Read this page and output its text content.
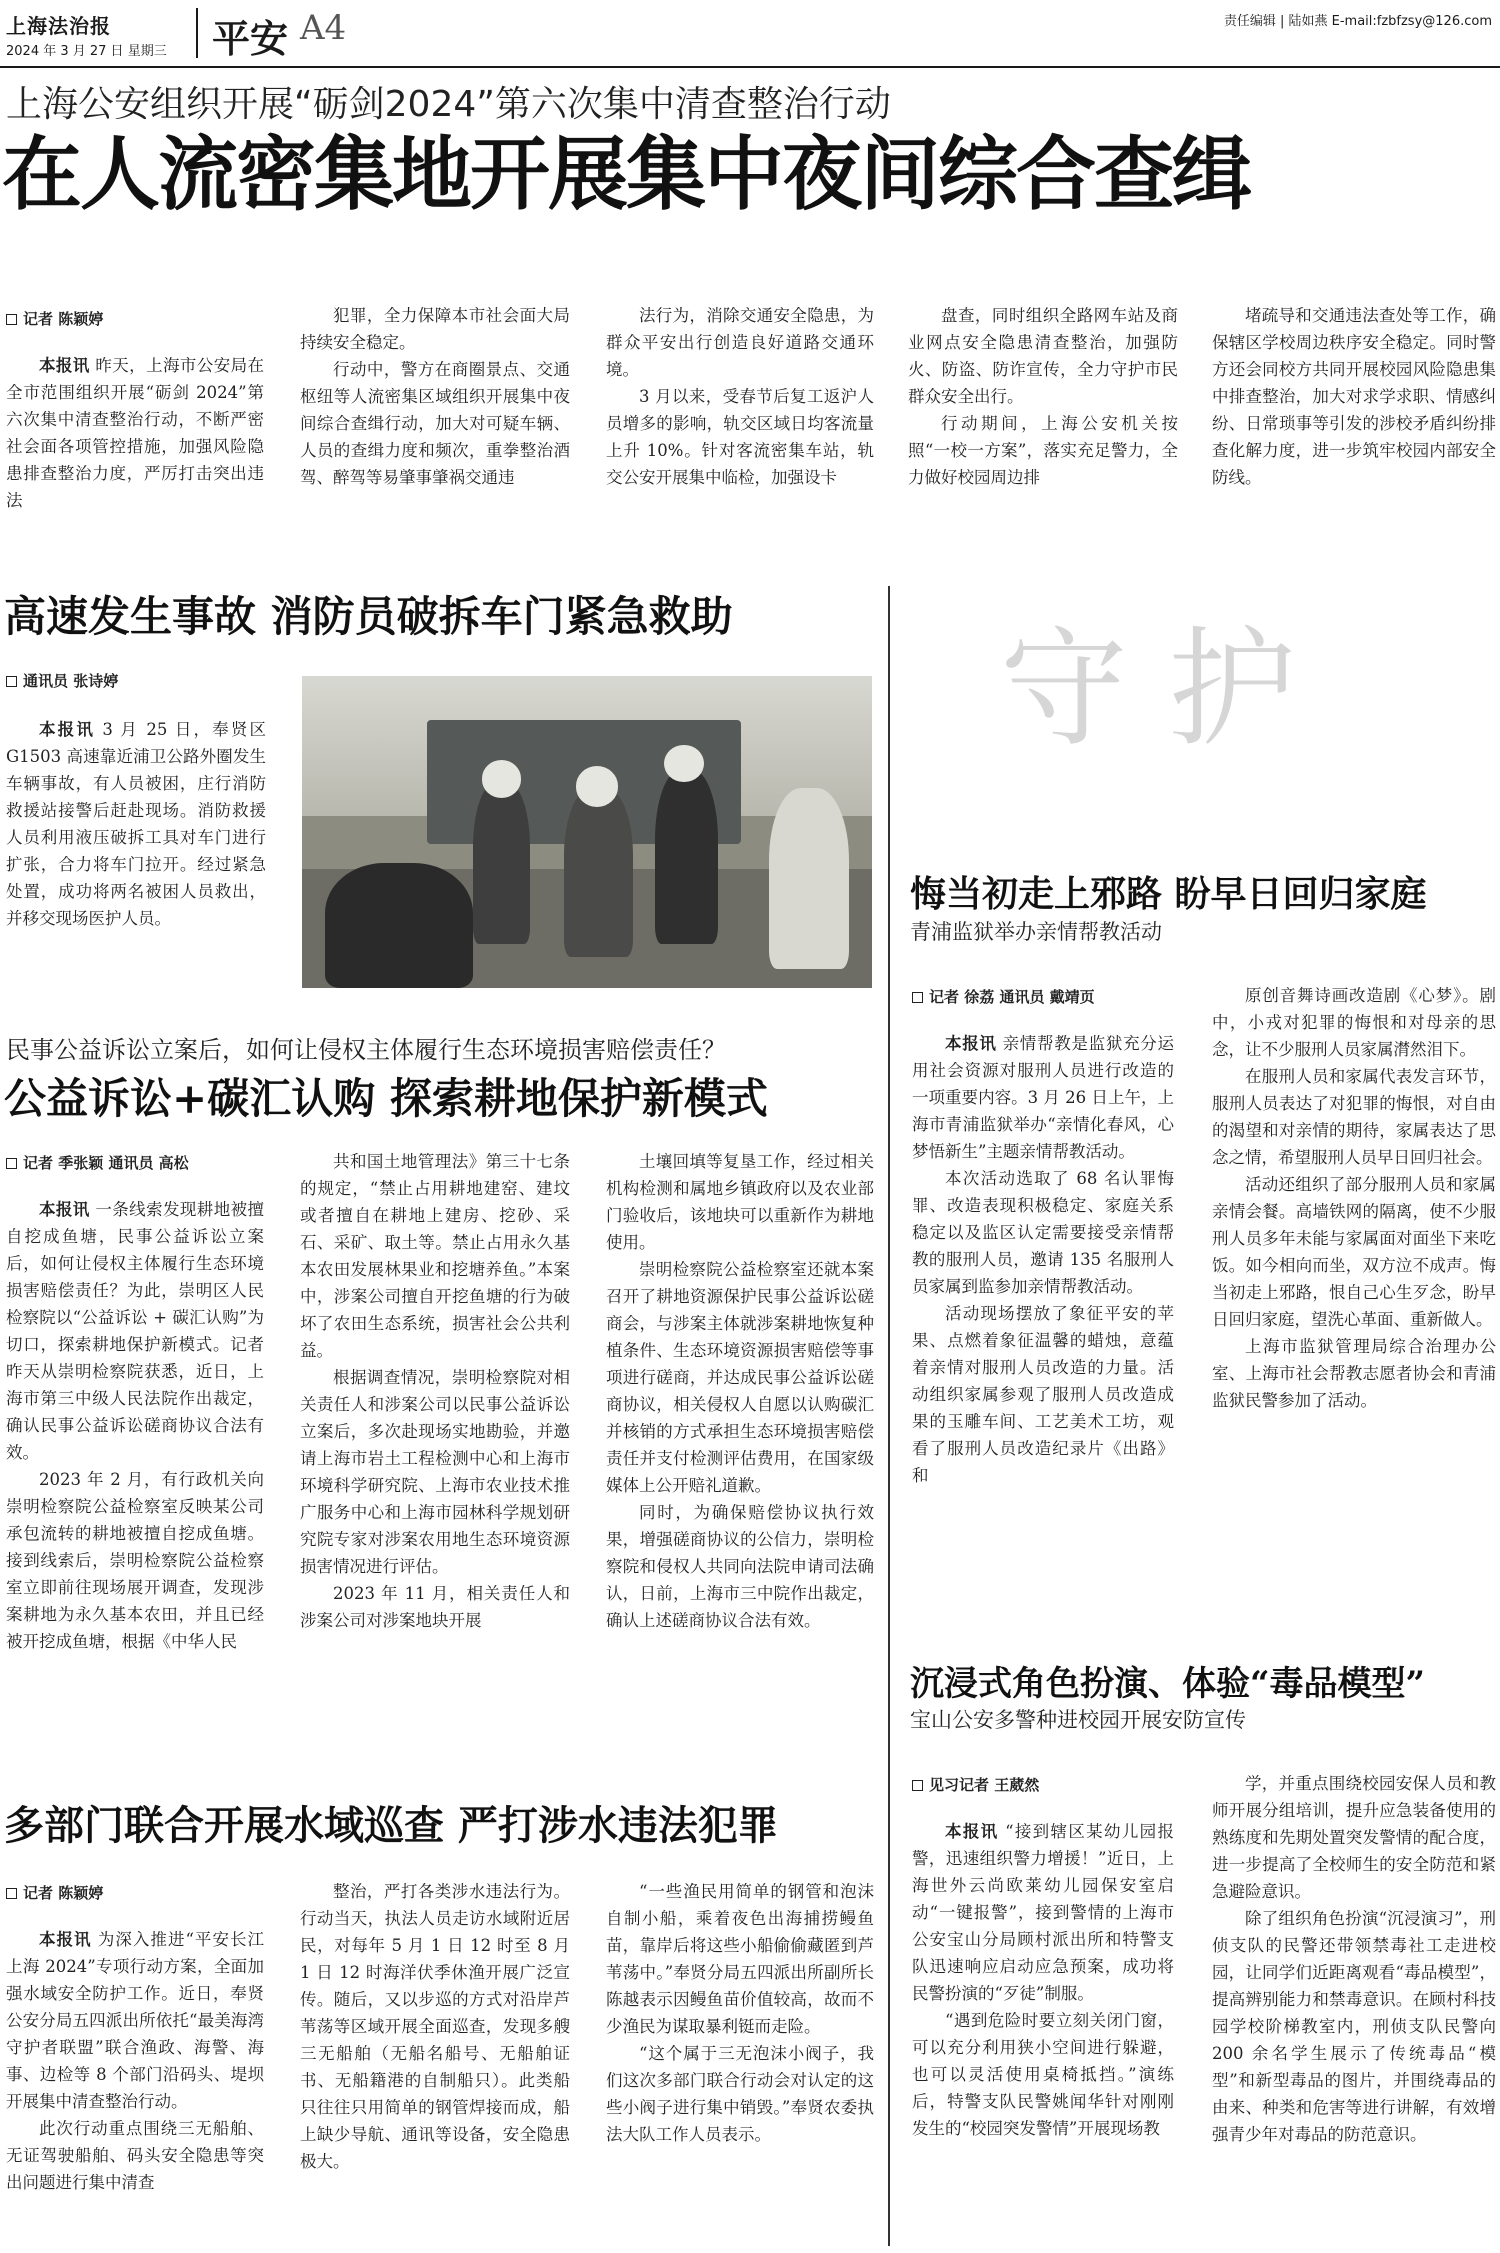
上海法治报
2024 年 3 月 27 日 星期三 平安 A4	责任编辑 | 陆如燕 E-mail:fzbfzsy@126.com
上海公安组织开展“砺剑2024”第六次集中清查整治行动
在人流密集地开展集中夜间综合查缉
记者 陈颖婷

本报讯 昨天，上海市公安局在全市范围组织开展“砺剑 2024”第六次集中清查整治行动，不断严密社会面各项管控措施，加强风险隐患排查整治力度，严厉打击突出违法

犯罪，全力保障本市社会面大局持续安全稳定。

行动中，警方在商圈景点、交通枢纽等人流密集区域组织开展集中夜间综合查缉行动，加大对可疑车辆、人员的查缉力度和频次，重拳整治酒驾、醉驾等易肇事肇祸交通违

法行为，消除交通安全隐患，为群众平安出行创造良好道路交通环境。

3 月以来，受春节后复工返沪人员增多的影响，轨交区域日均客流量上升 10%。针对客流密集车站，轨交公安开展集中临检，加强设卡

盘查，同时组织全路网车站及商业网点安全隐患清查整治，加强防火、防盗、防诈宣传，全力守护市民群众安全出行。

行动期间，上海公安机关按照“一校一方案”，落实充足警力，全力做好校园周边排

堵疏导和交通违法查处等工作，确保辖区学校周边秩序安全稳定。同时警方还会同校方共同开展校园风险隐患集中排查整治，加大对求学求职、情感纠纷、日常琐事等引发的涉校矛盾纠纷排查化解力度，进一步筑牢校园内部安全防线。

高速发生事故 消防员破拆车门紧急救助
通讯员 张诗婷

本报讯 3 月 25 日，奉贤区 G1503 高速靠近浦卫公路外圈发生车辆事故，有人员被困，庄行消防救援站接警后赶赴现场。消防救援人员利用液压破拆工具对车门进行扩张，合力将车门拉开。经过紧急处置，成功将两名被困人员救出，并移交现场医护人员。

民事公益诉讼立案后，如何让侵权主体履行生态环境损害赔偿责任？
公益诉讼+碳汇认购 探索耕地保护新模式
记者 季张颖 通讯员 高松

本报讯 一条线索发现耕地被擅自挖成鱼塘，民事公益诉讼立案后，如何让侵权主体履行生态环境损害赔偿责任？为此，崇明区人民检察院以“公益诉讼 + 碳汇认购”为切口，探索耕地保护新模式。记者昨天从崇明检察院获悉，近日，上海市第三中级人民法院作出裁定，确认民事公益诉讼磋商协议合法有效。

2023 年 2 月，有行政机关向崇明检察院公益检察室反映某公司承包流转的耕地被擅自挖成鱼塘。接到线索后，崇明检察院公益检察室立即前往现场展开调查，发现涉案耕地为永久基本农田，并且已经被开挖成鱼塘，根据《中华人民

共和国土地管理法》第三十七条的规定，“禁止占用耕地建窑、建坟或者擅自在耕地上建房、挖砂、采石、采矿、取土等。禁止占用永久基本农田发展林果业和挖塘养鱼。”本案中，涉案公司擅自开挖鱼塘的行为破坏了农田生态系统，损害社会公共利益。

根据调查情况，崇明检察院对相关责任人和涉案公司以民事公益诉讼立案后，多次赴现场实地勘验，并邀请上海市岩土工程检测中心和上海市环境科学研究院、上海市农业技术推广服务中心和上海市园林科学规划研究院专家对涉案农用地生态环境资源损害情况进行评估。

2023 年 11 月，相关责任人和涉案公司对涉案地块开展

土壤回填等复垦工作，经过相关机构检测和属地乡镇政府以及农业部门验收后，该地块可以重新作为耕地使用。

崇明检察院公益检察室还就本案召开了耕地资源保护民事公益诉讼磋商会，与涉案主体就涉案耕地恢复种植条件、生态环境资源损害赔偿等事项进行磋商，并达成民事公益诉讼磋商协议，相关侵权人自愿以认购碳汇并核销的方式承担生态环境损害赔偿责任并支付检测评估费用，在国家级媒体上公开赔礼道歉。

同时，为确保赔偿协议执行效果，增强磋商协议的公信力，崇明检察院和侵权人共同向法院申请司法确认，日前，上海市三中院作出裁定，确认上述磋商协议合法有效。

多部门联合开展水域巡查 严打涉水违法犯罪
记者 陈颖婷

本报讯 为深入推进“平安长江上海 2024”专项行动方案，全面加强水域安全防护工作。近日，奉贤公安分局五四派出所依托“最美海湾守护者联盟”联合渔政、海警、海事、边检等 8 个部门沿码头、堤坝开展集中清查整治行动。

此次行动重点围绕三无船舶、无证驾驶船舶、码头安全隐患等突出问题进行集中清查

整治，严打各类涉水违法行为。行动当天，执法人员走访水域附近居民，对每年 5 月 1 日 12 时至 8 月 1 日 12 时海洋伏季休渔开展广泛宣传。随后，又以步巡的方式对沿岸芦苇荡等区域开展全面巡查，发现多艘三无船舶（无船名船号、无船舶证书、无船籍港的自制船只）。此类船只往往只用简单的钢管焊接而成，船上缺少导航、通讯等设备，安全隐患极大。

“一些渔民用简单的钢管和泡沫自制小船，乘着夜色出海捕捞鳗鱼苗，靠岸后将这些小船偷偷藏匿到芦苇荡中。”奉贤分局五四派出所副所长陈越表示因鳗鱼苗价值较高，故而不少渔民为谋取暴利铤而走险。

“这个属于三无泡沫小阀子，我们这次多部门联合行动会对认定的这些小阀子进行集中销毁。”奉贤农委执法大队工作人员表示。

守护
悔当初走上邪路 盼早日回归家庭
青浦监狱举办亲情帮教活动
记者 徐荔 通讯员 戴靖页

本报讯 亲情帮教是监狱充分运用社会资源对服刑人员进行改造的一项重要内容。3 月 26 日上午，上海市青浦监狱举办“亲情化春风，心梦悟新生”主题亲情帮教活动。

本次活动选取了 68 名认罪悔罪、改造表现积极稳定、家庭关系稳定以及监区认定需要接受亲情帮教的服刑人员，邀请 135 名服刑人员家属到监参加亲情帮教活动。

活动现场摆放了象征平安的苹果、点燃着象征温馨的蜡烛，意蕴着亲情对服刑人员改造的力量。活动组织家属参观了服刑人员改造成果的玉雕车间、工艺美术工坊，观看了服刑人员改造纪录片《出路》和

原创音舞诗画改造剧《心梦》。剧中，小戎对犯罪的悔恨和对母亲的思念，让不少服刑人员家属潸然泪下。

在服刑人员和家属代表发言环节，服刑人员表达了对犯罪的悔恨，对自由的渴望和对亲情的期待，家属表达了思念之情，希望服刑人员早日回归社会。

活动还组织了部分服刑人员和家属亲情会餐。高墙铁网的隔离，使不少服刑人员多年未能与家属面对面坐下来吃饭。如今相向而坐，双方泣不成声。悔当初走上邪路，恨自己心生歹念，盼早日回归家庭，望洗心革面、重新做人。

上海市监狱管理局综合治理办公室、上海市社会帮教志愿者协会和青浦监狱民警参加了活动。

沉浸式角色扮演、体验“毒品模型”
宝山公安多警种进校园开展安防宣传
见习记者 王葳然

本报讯 “接到辖区某幼儿园报警，迅速组织警力增援！”近日，上海世外云尚欧莱幼儿园保安室启动“一键报警”，接到警情的上海市公安宝山分局顾村派出所和特警支队迅速响应启动应急预案，成功将民警扮演的“歹徒”制服。

“遇到危险时要立刻关闭门窗，可以充分利用狭小空间进行躲避，也可以灵活使用桌椅抵挡。”演练后，特警支队民警姚闻华针对刚刚发生的“校园突发警情”开展现场教

学，并重点围绕校园安保人员和教师开展分组培训，提升应急装备使用的熟练度和先期处置突发警情的配合度，进一步提高了全校师生的安全防范和紧急避险意识。

除了组织角色扮演“沉浸演习”，刑侦支队的民警还带领禁毒社工走进校园，让同学们近距离观看“毒品模型”，提高辨别能力和禁毒意识。在顾村科技园学校阶梯教室内，刑侦支队民警向 200 余名学生展示了传统毒品“模型”和新型毒品的图片，并围绕毒品的由来、种类和危害等进行讲解，有效增强青少年对毒品的防范意识。
